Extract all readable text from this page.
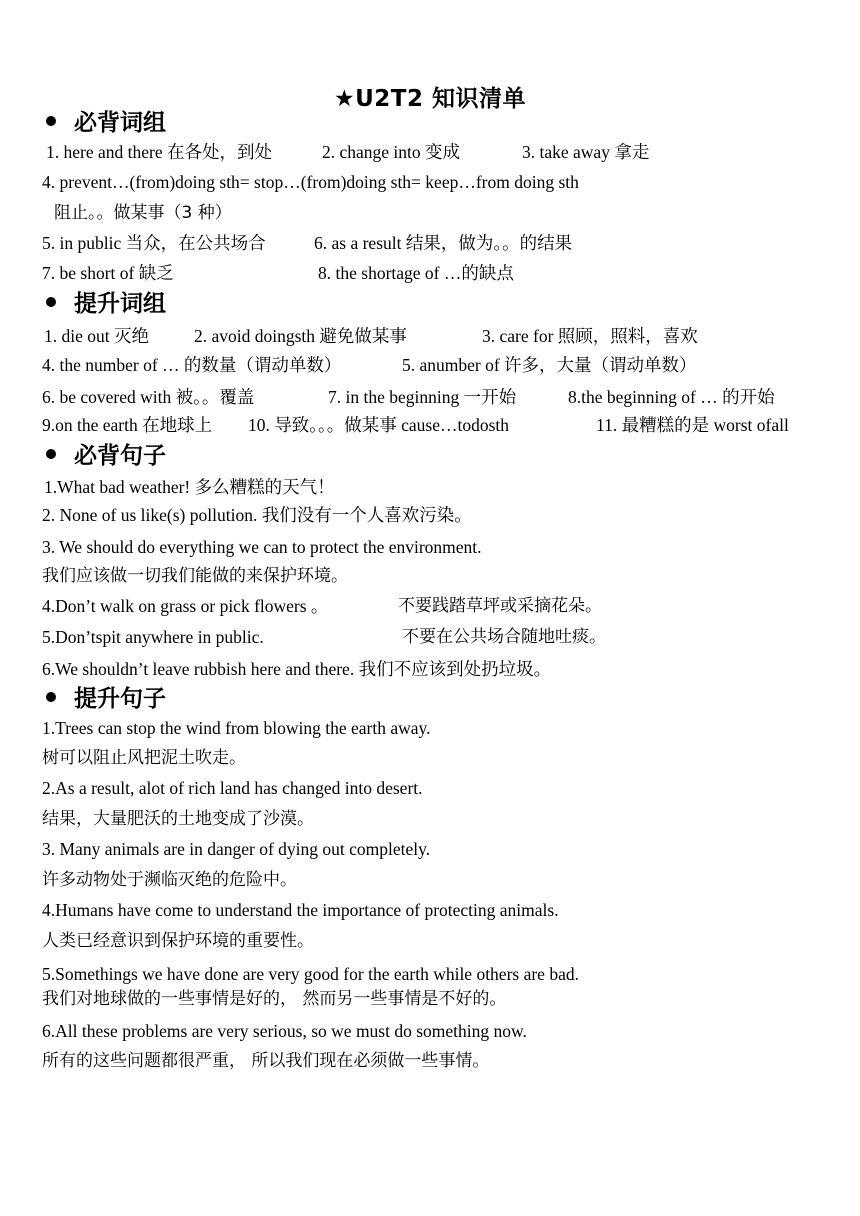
★U2T2 知识清单
必背词组
1. here and there 在各处，到处	2. change into 变成	3. take away 拿走
4. prevent…(from)doing sth= stop…(from)doing sth= keep…from doing sth
阻止。。做某事（3 种）
5. in public 当众，在公共场合	6. as a result 结果，做为。。的结果
7. be short of 缺乏	8. the shortage of …的缺点
提升词组
1. die out 灭绝	2. avoid doingsth 避免做某事	3. care for 照顾，照料，喜欢
4. the number of … 的数量（谓动单数）	5. anumber of 许多，大量（谓动单数）
6. be covered with 被。。覆盖	7. in the beginning 一开始	8.the beginning of … 的开始
9.on the earth 在地球上 10. 导致。。。做某事 cause…todosth	11. 最糟糕的是 worst ofall
必背句子
1.What bad weather! 多么糟糕的天气！
2. None of us like(s) pollution. 我们没有一个人喜欢污染。
3. We should do everything we can to protect the environment.
我们应该做一切我们能做的来保护环境。
4.Don’t walk on grass or pick flowers 。	不要践踏草坪或采摘花朵。
5.Don’tspit anywhere in public.	不要在公共场合随地吐痰。
6.We shouldn’t leave rubbish here and there. 我们不应该到处扔垃圾。
提升句子
1.Trees can stop the wind from blowing the earth away.
树可以阻止风把泥土吹走。
2.As a result, alot of rich land has changed into desert.
结果，大量肥沃的土地变成了沙漠。
3. Many animals are in danger of dying out completely.
许多动物处于濒临灭绝的危险中。
4.Humans have come to understand the importance of protecting animals.
人类已经意识到保护环境的重要性。
5.Somethings we have done are very good for the earth while others are bad.
我们对地球做的一些事情是好的， 然而另一些事情是不好的。
6.All these problems are very serious, so we must do something now.
所有的这些问题都很严重， 所以我们现在必须做一些事情。
